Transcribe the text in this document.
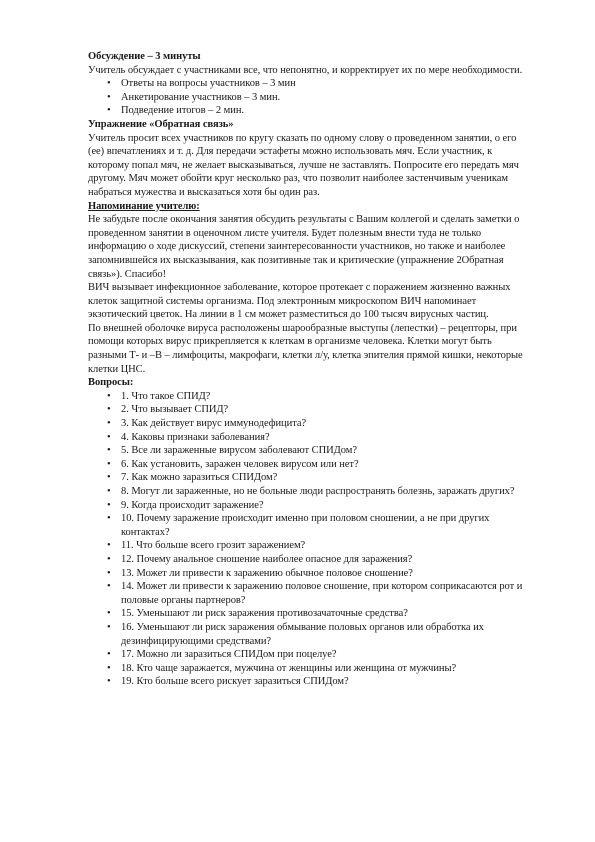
Обсуждение – 3 минуты

Учитель обсуждает с участниками все, что непонятно, и корректирует их по мере необходимости.

• Ответы на вопросы участников – 3 мин
• Анкетирование участников – 3 мин.
• Подведение итогов – 2 мин.

Упражнение «Обратная связь»

Учитель просит всех участников по кругу сказать по одному слову о проведенном занятии, о его (ее) впечатлениях и т. д. Для передачи эстафеты можно использовать мяч. Если участник, к которому попал мяч, не желает высказываться, лучше не заставлять. Попросите его передать мяч другому. Мяч может обойти круг несколько раз, что позволит наиболее застенчивым ученикам набраться мужества и высказаться хотя бы один раз.

Напоминание учителю:

Не забудьте после окончания занятия обсудить результаты с Вашим коллегой и сделать заметки о проведенном занятии в оценочном листе учителя. Будет полезным внести туда не только информацию о ходе дискуссий, степени заинтересованности участников, но также и наиболее запомнившейся их высказывания, как позитивные так и критические (упражнение 2Обратная связь»). Спасибо!

ВИЧ вызывает инфекционное заболевание, которое протекает с поражением жизненно важных клеток защитной системы организма. Под электронным микроскопом ВИЧ напоминает экзотический цветок. На линии в 1 см может разместиться до 100 тысяч вирусных частиц.

По внешней оболочке вируса расположены шарообразные выступы (лепестки) – рецепторы, при помощи которых вирус прикрепляется к клеткам в организме человека. Клетки могут быть разными Т- и –В – лимфоциты, макрофаги, клетки л/у, клетка эпителия прямой кишки, некоторые клетки ЦНС.

Вопросы:

• 1. Что такое СПИД?
• 2. Что вызывает СПИД?
• 3. Как действует вирус иммунодефицита?
• 4. Каковы признаки заболевания?
• 5. Все ли зараженные вирусом заболевают СПИДом?
• 6. Как установить, заражен человек вирусом или нет?
• 7. Как можно заразиться СПИДом?
• 8. Могут ли зараженные, но не больные люди распространять болезнь, заражать других?
• 9. Когда происходит заражение?
• 10. Почему заражение происходит именно при половом сношении, а не при других контактах?
• 11. Что больше всего грозит заражением?
• 12. Почему анальное сношение наиболее опасное для заражения?
• 13. Может ли привести к заражению обычное половое сношение?
• 14. Может ли привести к заражению половое сношение, при котором соприкасаются рот и половые органы партнеров?
• 15. Уменьшают ли риск заражения противозачаточные средства?
• 16. Уменьшают ли риск заражения обмывание половых органов или обработка их дезинфицирующими средствами?
• 17. Можно ли заразиться СПИДом при поцелуе?
• 18. Кто чаще заражается, мужчина от женщины или женщина от мужчины?
• 19. Кто больше всего рискует заразиться СПИДом?
